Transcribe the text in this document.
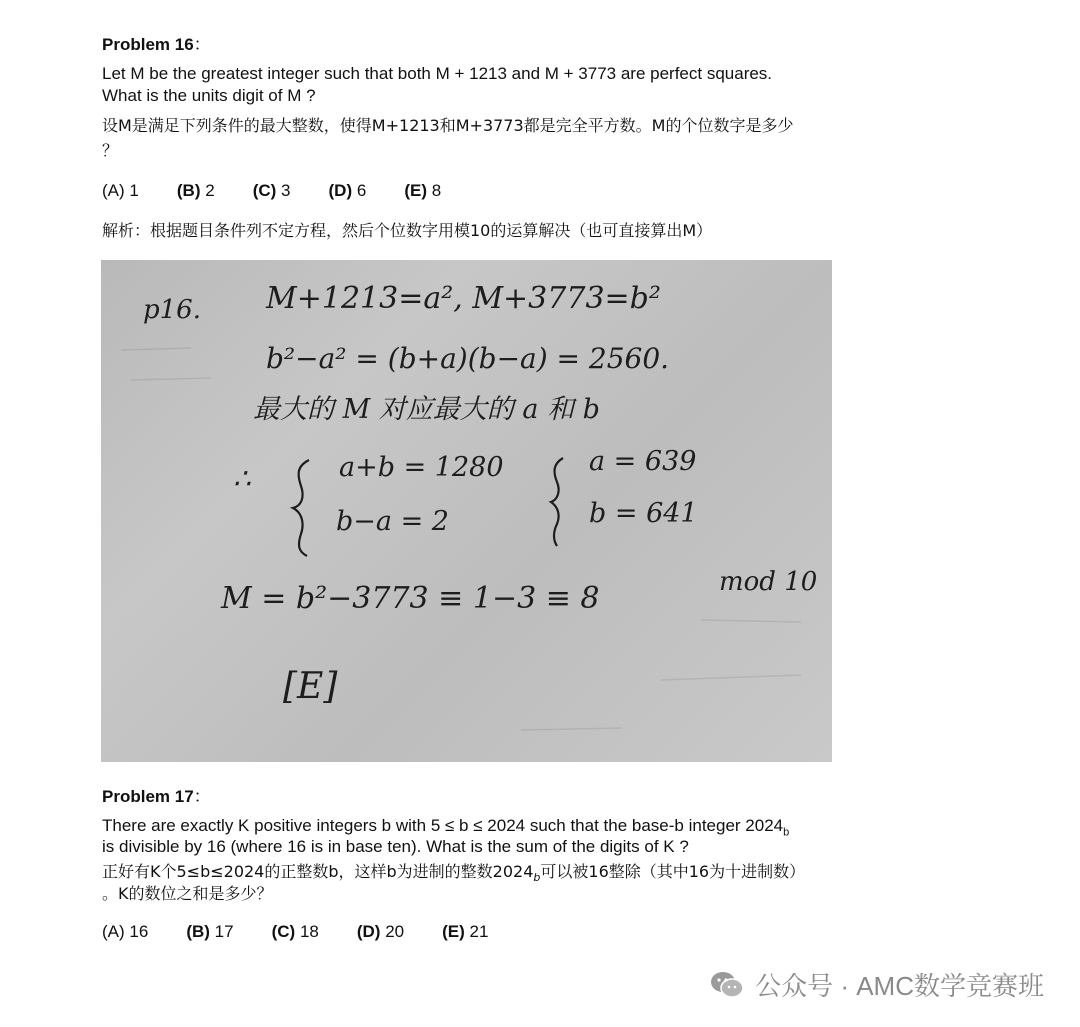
Problem 16：
Let M be the greatest integer such that both M + 1213 and M + 3773 are perfect squares.
What is the units digit of M ?
设M是满足下列条件的最大整数，使得M+1213和M+3773都是完全平方数。M的个位数字是多少
？
(A) 1 (B) 2 (C) 3 (D) 6 (E) 8
解析：根据题目条件列不定方程，然后个位数字用模10的运算解决（也可直接算出M）
p16. M+1213=a², M+3773=b²
b²−a² = (b+a)(b−a) = 2560.
最大的 M 对应最大的 a 和 b
∴	a+b = 1280
b−a = 2
a = 639
b = 641
M = b²−3773 ≡ 1−3 ≡ 8	mod 10
[E]
Problem 17：
There are exactly K positive integers b with 5 ≤ b ≤ 2024 such that the base-b integer $2024_b$
is divisible by 16 (where 16 is in base ten). What is the sum of the digits of K ?
正好有K个5≤b≤2024的正整数b，这样b为进制的整数$2024_b$可以被16整除（其中16为十进制数）
。K的数位之和是多少？
(A) 16 (B) 17 (C) 18 (D) 20 (E) 21
公众号 · AMC数学竞赛班
